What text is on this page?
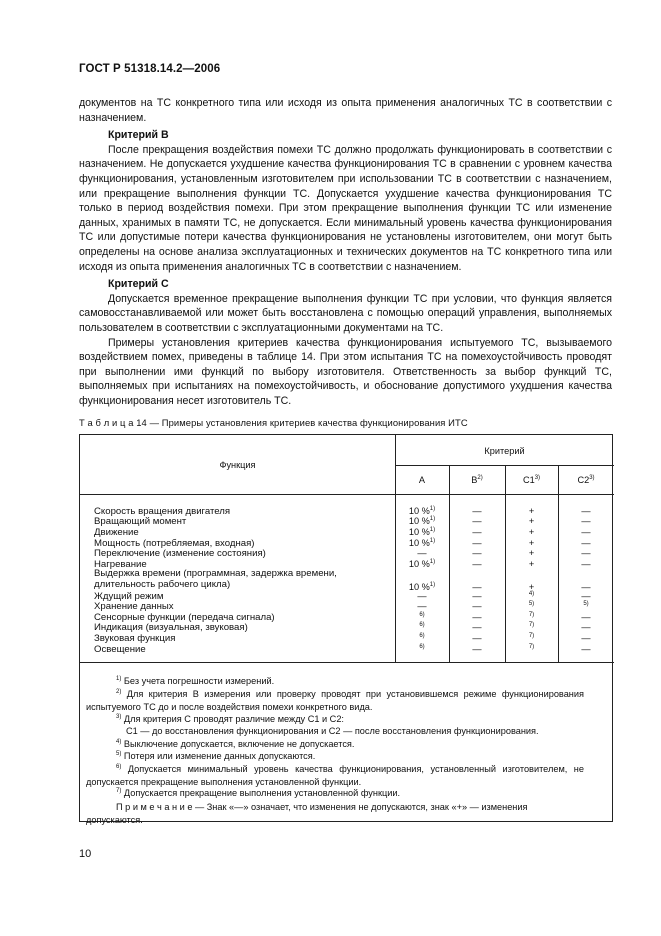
ГОСТ Р 51318.14.2—2006

документов на ТС конкретного типа или исходя из опыта применения аналогичных ТС в соответствии с назначением.

Критерий В

После прекращения воздействия помехи ТС должно продолжать функционировать в соответствии с назначением. Не допускается ухудшение качества функционирования ТС в сравнении с уровнем качества функционирования, установленным изготовителем при использовании ТС в соответствии с назначением, или прекращение выполнения функции ТС. Допускается ухудшение качества функционирования ТС только в период воздействия помехи. При этом прекращение выполнения функции ТС или изменение данных, хранимых в памяти ТС, не допускается. Если минимальный уровень качества функционирования ТС или допустимые потери качества функционирования не установлены изготовителем, они могут быть определены на основе анализа эксплуатационных и технических документов на ТС конкретного типа или исходя из опыта применения аналогичных ТС в соответствии с назначением.

Критерий С

Допускается временное прекращение выполнения функции ТС при условии, что функция является самовосстанавливаемой или может быть восстановлена с помощью операций управления, выполняемых пользователем в соответствии с эксплуатационными документами на ТС.

Примеры установления критериев качества функционирования испытуемого ТС, вызываемого воздействием помех, приведены в таблице 14. При этом испытания ТС на помехоустойчивость проводят при выполнении ими функций по выбору изготовителя. Ответственность за выбор функций ТС, выполняемых при испытаниях на помехоустойчивость, и обоснование допустимого ухудшения качества функционирования несет изготовитель ТС.

Т а б л и ц а 14 — Примеры установления критериев качества функционирования ИТС
Функция
Критерий
А	$В^{2)}$	С1$^{3)}$	С2$^{3)}$
Скорость вращения двигателя	10 %$^{1)}$	—	+	—
Вращающий момент	10 %$^{1)}$	—	+	—
Движение	10 %$^{1)}$	—	+	—
Мощность (потребляемая, входная)	10 %$^{1)}$	—	+	—
Переключение (изменение состояния)	—	—	+	—
Нагревание	10 %$^{1)}$	—	+	—
Выдержка времени (программная, задержка времени, длительность рабочего цикла)	10 %$^{1)}$	—	+	—
Ждущий режим	—	—	$^{4)}$	—
Хранение данных	—	—	$^{5)}$	$^{5)}$
Сенсорные функции (передача сигнала)	$^{6)}$	—	$^{7)}$	—
Индикация (визуальная, звуковая)	$^{6)}$	—	$^{7)}$	—
Звуковая функция	$^{6)}$	—	$^{7)}$	—
Освещение	$^{6)}$	—	$^{7)}$	—
$^{1)}$ Без учета погрешности измерений.
$^{2)}$ Для критерия В измерения или проверку проводят при установившемся режиме функционирования испытуемого ТС до и после воздействия помехи конкретного вида.
$^{3)}$ Для критерия С проводят различие между С1 и С2:
С1 — до восстановления функционирования и С2 — после восстановления функционирования.
$^{4)}$ Выключение допускается, включение не допускается.
$^{5)}$ Потеря или изменение данных допускаются.
$^{6)}$ Допускается минимальный уровень качества функционирования, установленный изготовителем, не допускается прекращение выполнения установленной функции.
$^{7)}$ Допускается прекращение выполнения установленной функции.
П р и м е ч а н и е — Знак «—» означает, что изменения не допускаются, знак «+» — изменения допускаются.
10
